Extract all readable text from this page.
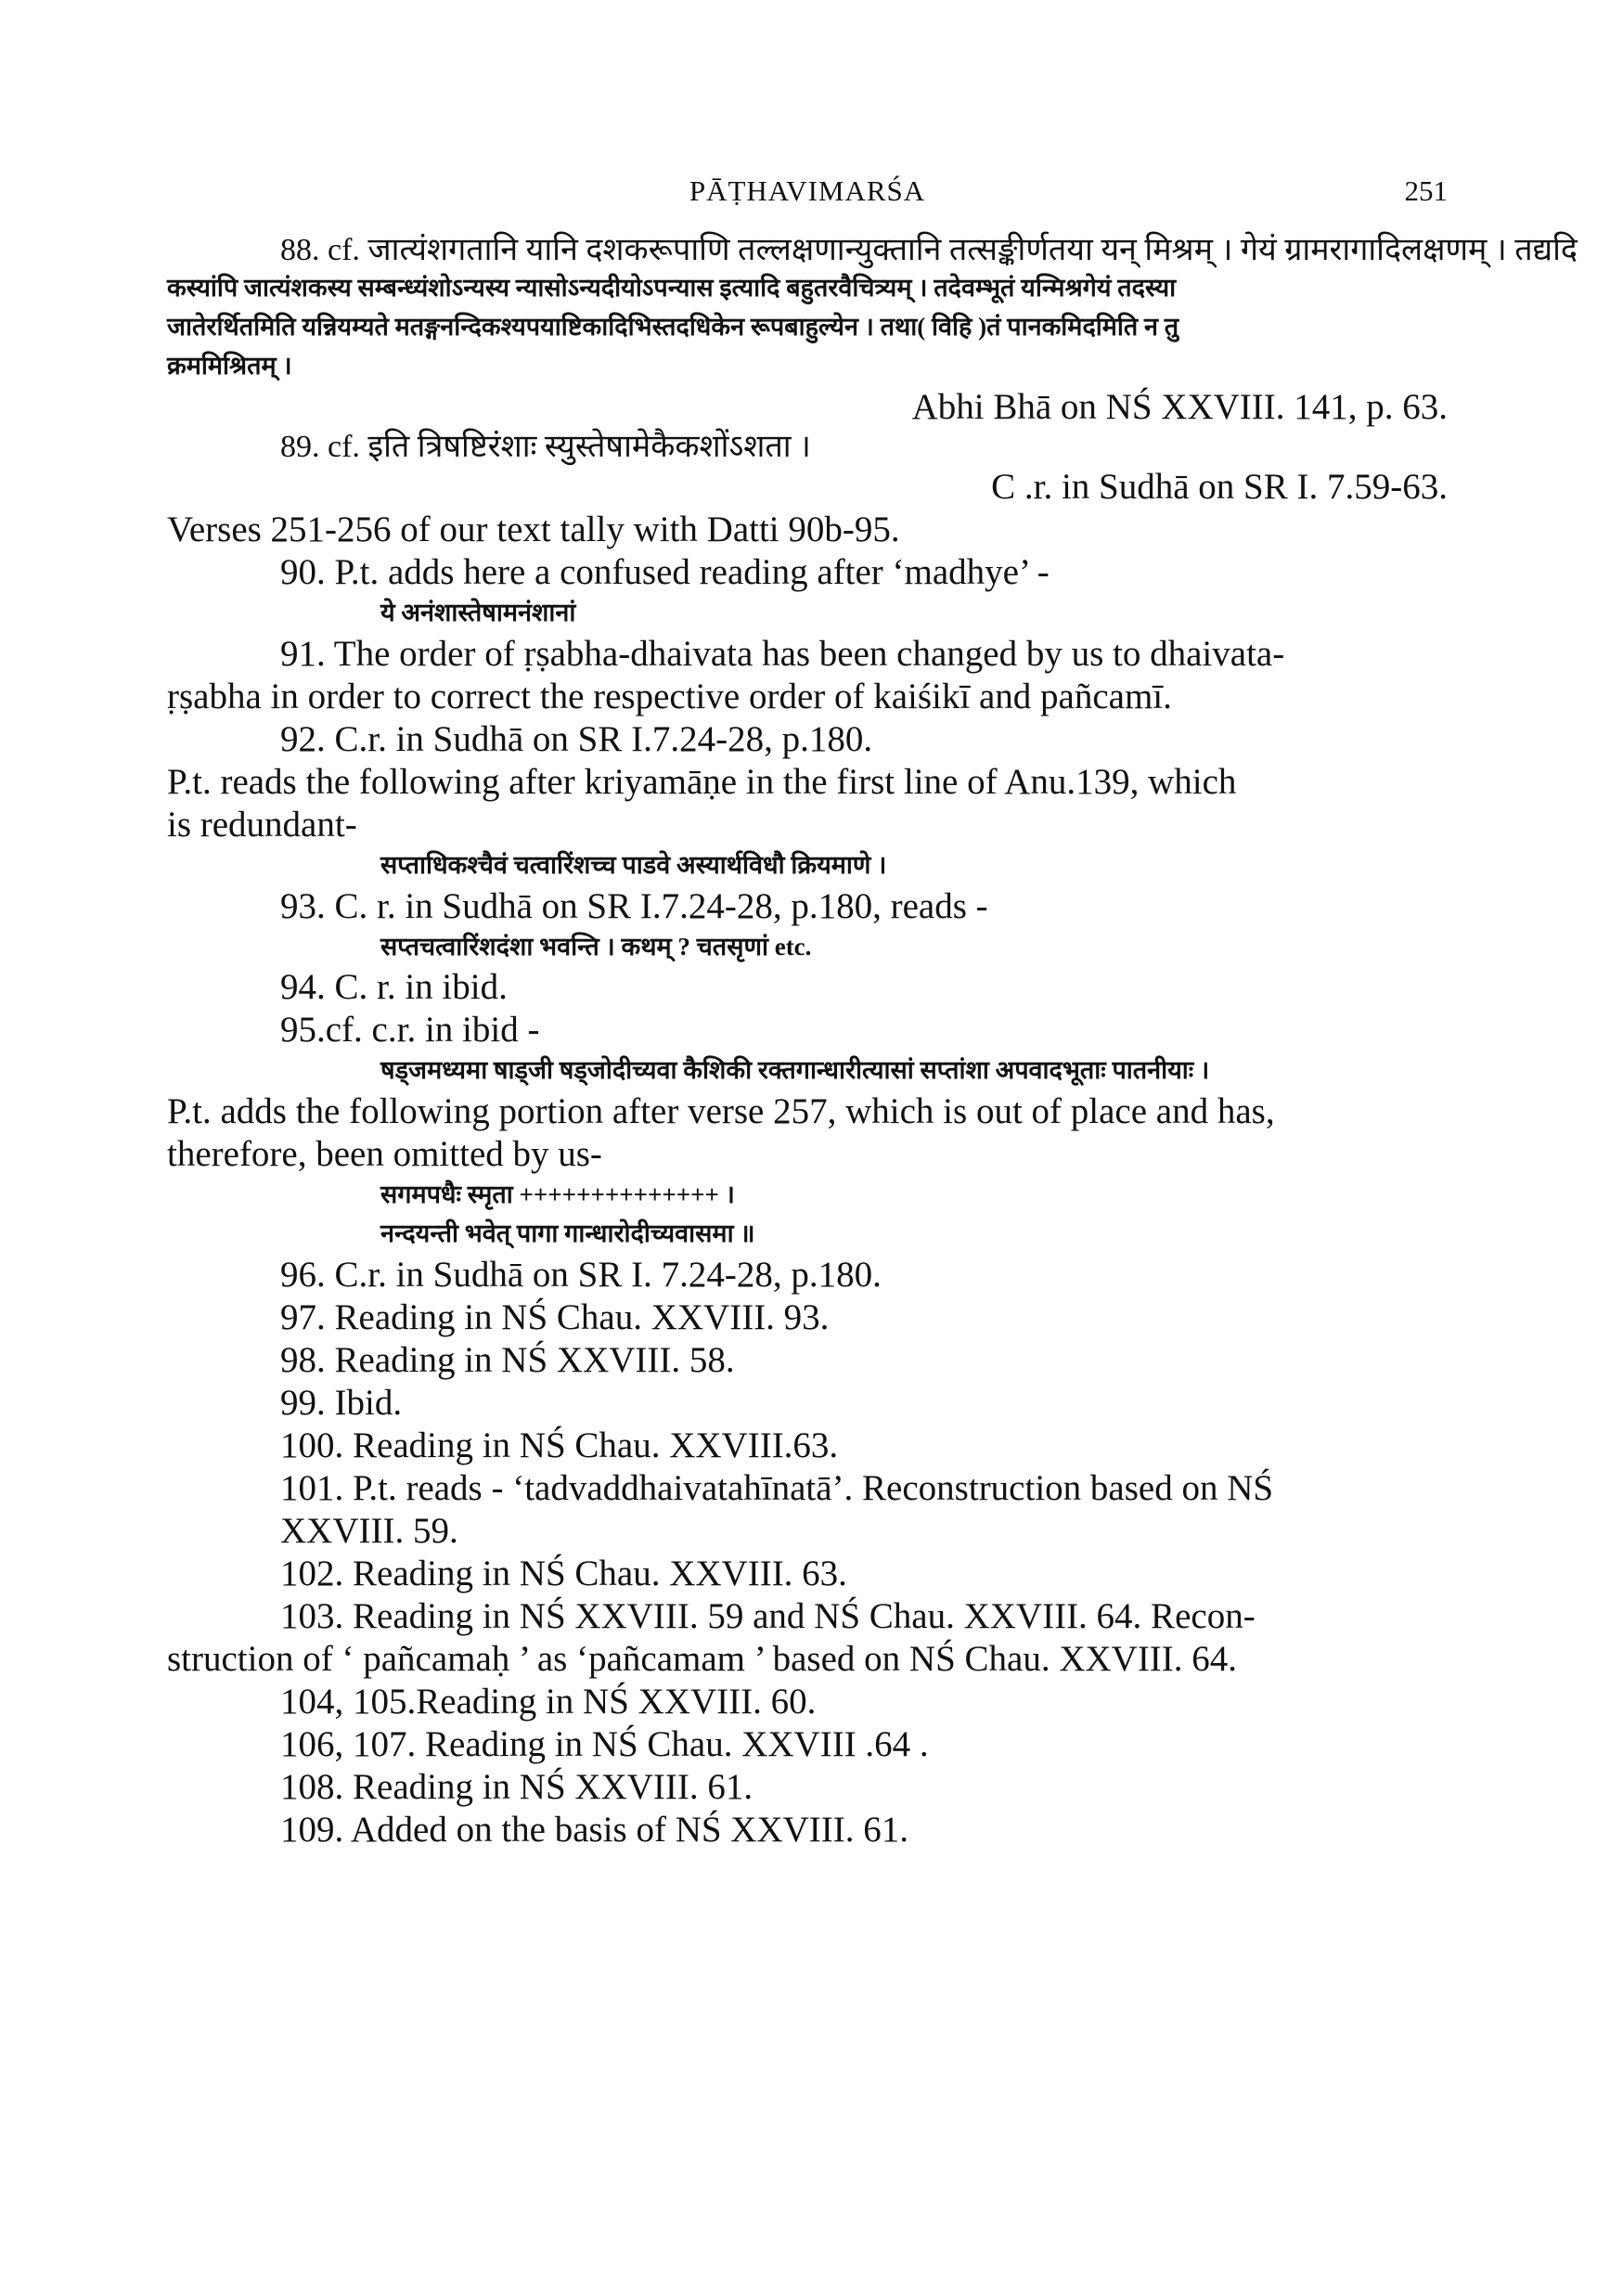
PĀṬHAVIMARŚA	251
88. cf. जात्यंशगतानि यानि दशकरूपाणि तल्लक्षणान्युक्तानि तत्सङ्कीर्णतया यन् मिश्रम् । गेयं ग्रामरागादिलक्षणम् । तद्यदि
कस्यांपि जात्यंशकस्य सम्बन्ध्यंशोऽन्यस्य न्यासोऽन्यदीयोऽपन्यास इत्यादि बहुतरवैचित्र्यम् । तदेवम्भूतं यन्मिश्रगेयं तदस्या
जातेरर्थितमिति यन्नियम्यते मतङ्गनन्दिकश्यपयाष्टिकादिभिस्तदधिकेन रूपबाहुल्येन । तथा( विहि )तं पानकमिदमिति न तु
क्रममिश्रितम् ।
Abhi Bhā on NŚ XXVIII. 141, p. 63.
89. cf. इति त्रिषष्टिरंशाः स्युस्तेषामेकैकशोंऽशता ।
C .r. in Sudhā on SR I. 7.59-63.
Verses 251-256 of our text tally with Datti 90b-95.
90. P.t. adds here a confused reading after ‘madhye’ -
ये अनंशास्तेषामनंशानां
91. The order of ṛṣabha-dhaivata has been changed by us to dhaivata-
ṛṣabha in order to correct the respective order of kaiśikī and pañcamī.
92. C.r. in Sudhā on SR I.7.24-28, p.180.
P.t. reads the following after kriyamāṇe in the first line of Anu.139, which
is redundant-
सप्ताधिकश्चैवं चत्वारिंशच्च पाडवे अस्यार्थविधौ क्रियमाणे ।
93. C. r. in Sudhā on SR I.7.24-28, p.180, reads -
सप्तचत्वारिंशदंशा भवन्ति । कथम् ? चतसृणां etc.
94. C. r. in ibid.
95.cf. c.r. in ibid -
षड्जमध्यमा षाड्जी षड्जोदीच्यवा कैशिकी रक्तगान्धारीत्यासां सप्तांशा अपवादभूताः पातनीयाः ।
P.t. adds the following portion after verse 257, which is out of place and has,
therefore, been omitted by us-
सगमपधैः स्मृता ++++++++++++++ ।
नन्दयन्ती भवेत् पागा गान्धारोदीच्यवासमा ॥
96. C.r. in Sudhā on SR I. 7.24-28, p.180.
97. Reading in NŚ Chau. XXVIII. 93.
98. Reading in NŚ XXVIII. 58.
99. Ibid.
100. Reading in NŚ Chau. XXVIII.63.
101. P.t. reads - ‘tadvaddhaivatahīnatā’. Reconstruction based on NŚ
XXVIII. 59.
102. Reading in NŚ Chau. XXVIII. 63.
103. Reading in NŚ XXVIII. 59 and NŚ Chau. XXVIII. 64. Recon-
struction of ‘ pañcamaḥ ’ as ‘pañcamam ’ based on NŚ Chau. XXVIII. 64.
104, 105.Reading in NŚ XXVIII. 60.
106, 107. Reading in NŚ Chau. XXVIII .64 .
108. Reading in NŚ XXVIII. 61.
109. Added on the basis of NŚ XXVIII. 61.
